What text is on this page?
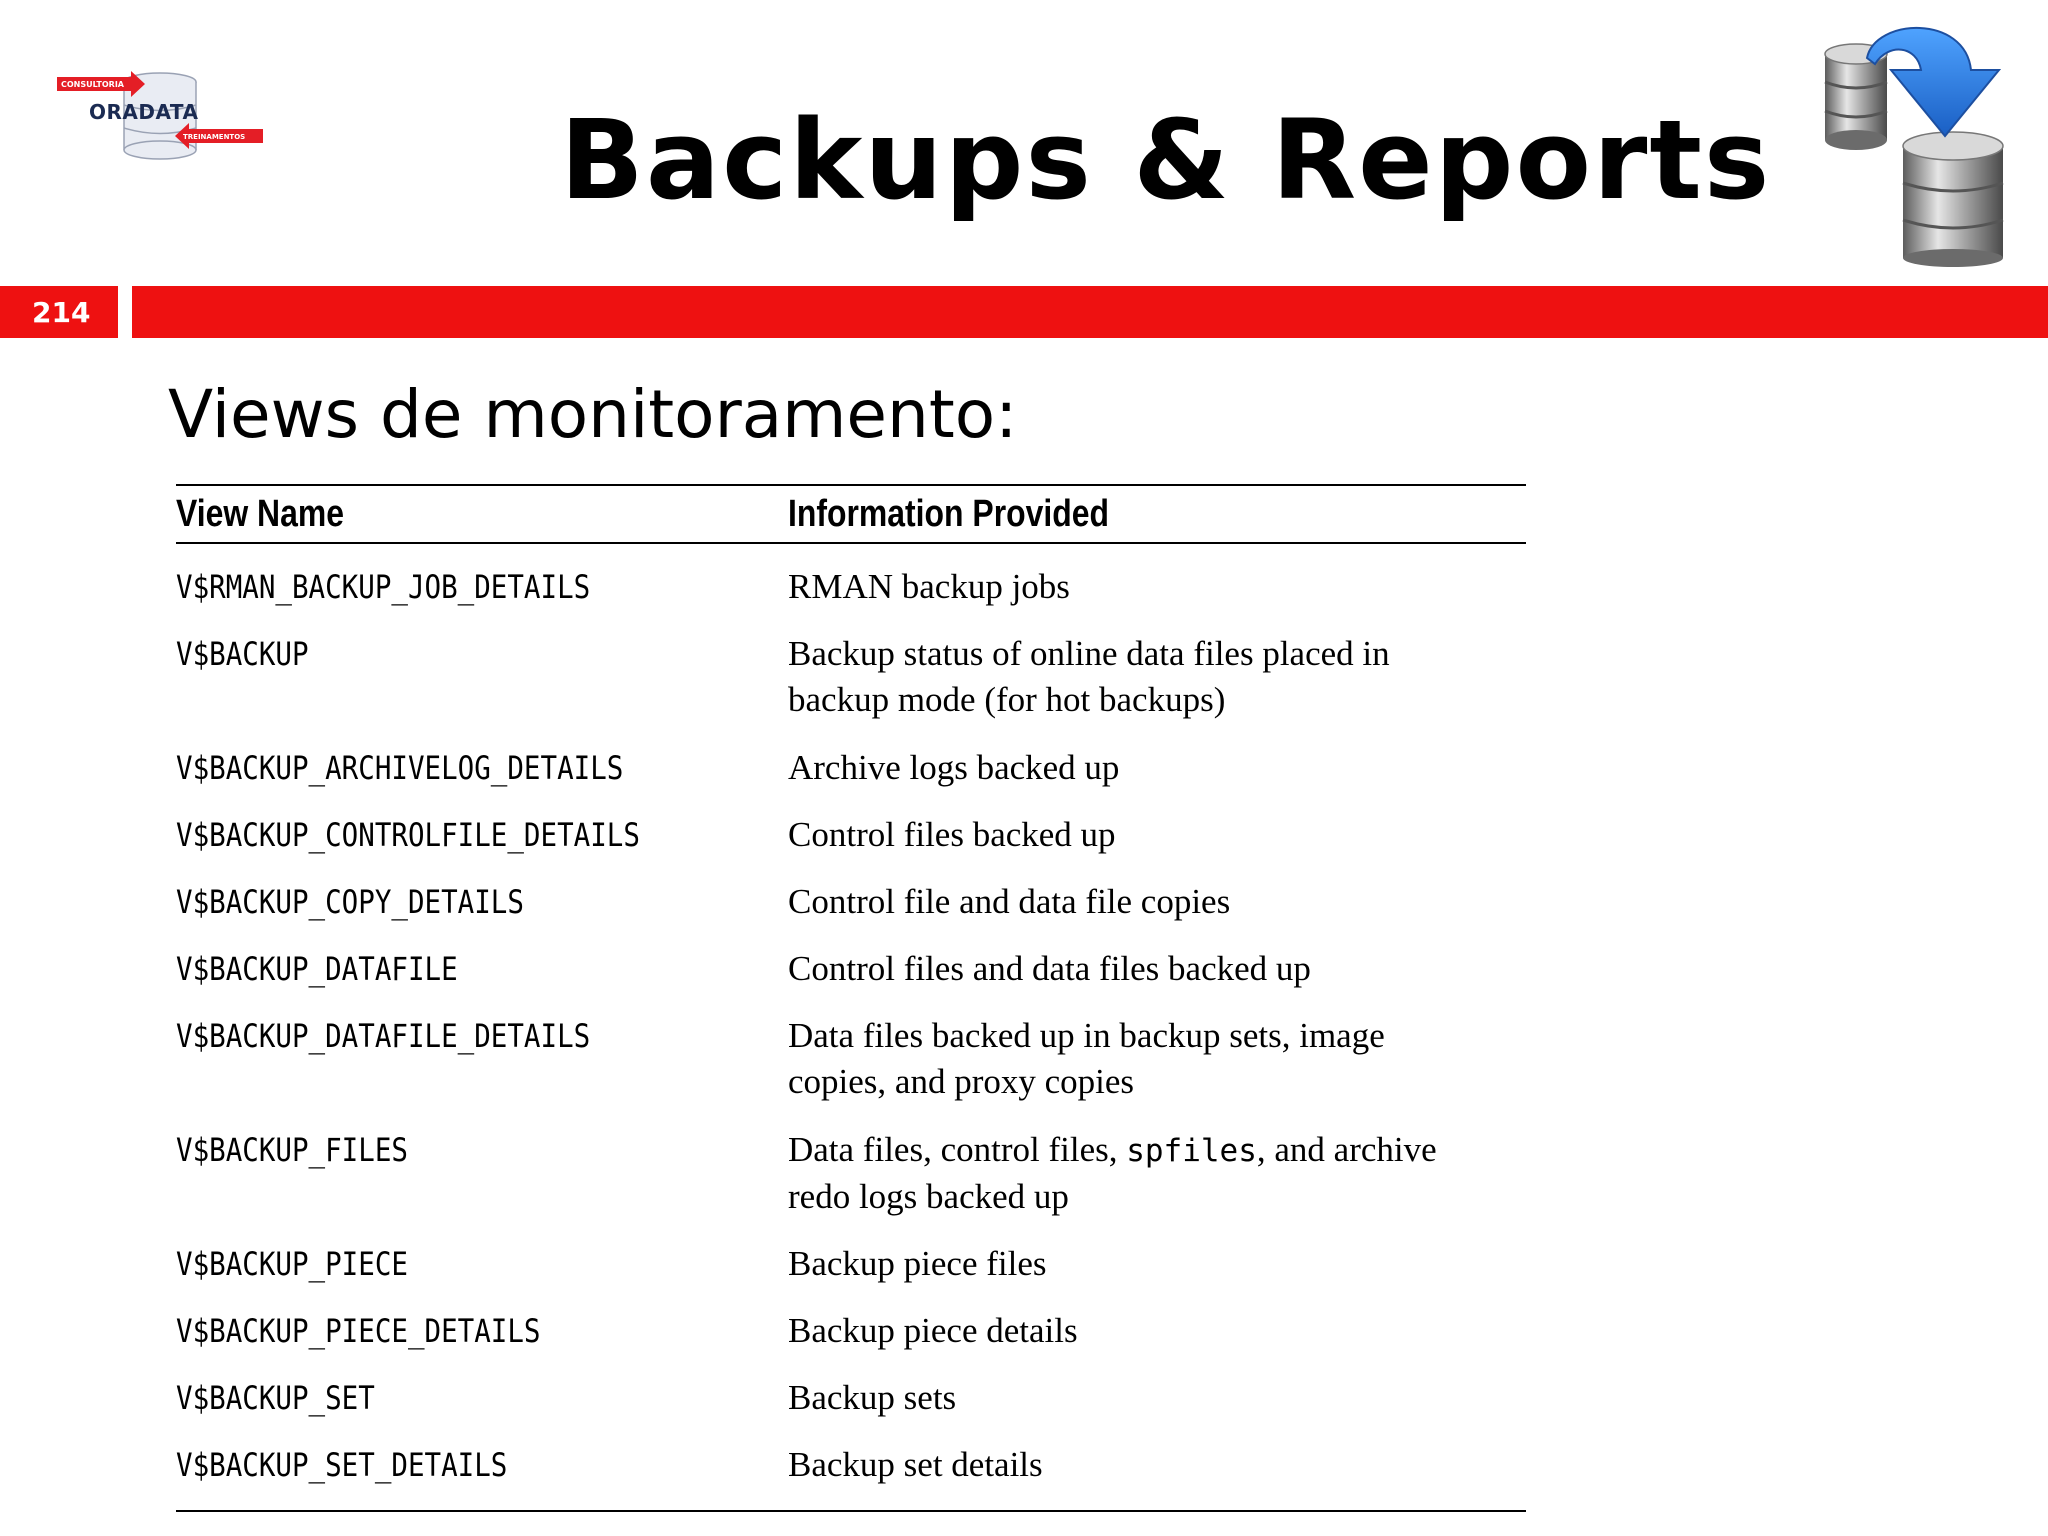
CONSULTORIA
ORADATA
TREINAMENTOS	Backups & Reports
214
Views de monitoramento:
View Name	Information Provided
V$RMAN_BACKUP_JOB_DETAILS	RMAN backup jobs
V$BACKUP	Backup status of online data files placed in
backup mode (for hot backups)
V$BACKUP_ARCHIVELOG_DETAILS	Archive logs backed up
V$BACKUP_CONTROLFILE_DETAILS	Control files backed up
V$BACKUP_COPY_DETAILS	Control file and data file copies
V$BACKUP_DATAFILE	Control files and data files backed up
V$BACKUP_DATAFILE_DETAILS	Data files backed up in backup sets, image
copies, and proxy copies
V$BACKUP_FILES	Data files, control files, spfiles, and archive
redo logs backed up
V$BACKUP_PIECE	Backup piece files
V$BACKUP_PIECE_DETAILS	Backup piece details
V$BACKUP_SET	Backup sets
V$BACKUP_SET_DETAILS	Backup set details
